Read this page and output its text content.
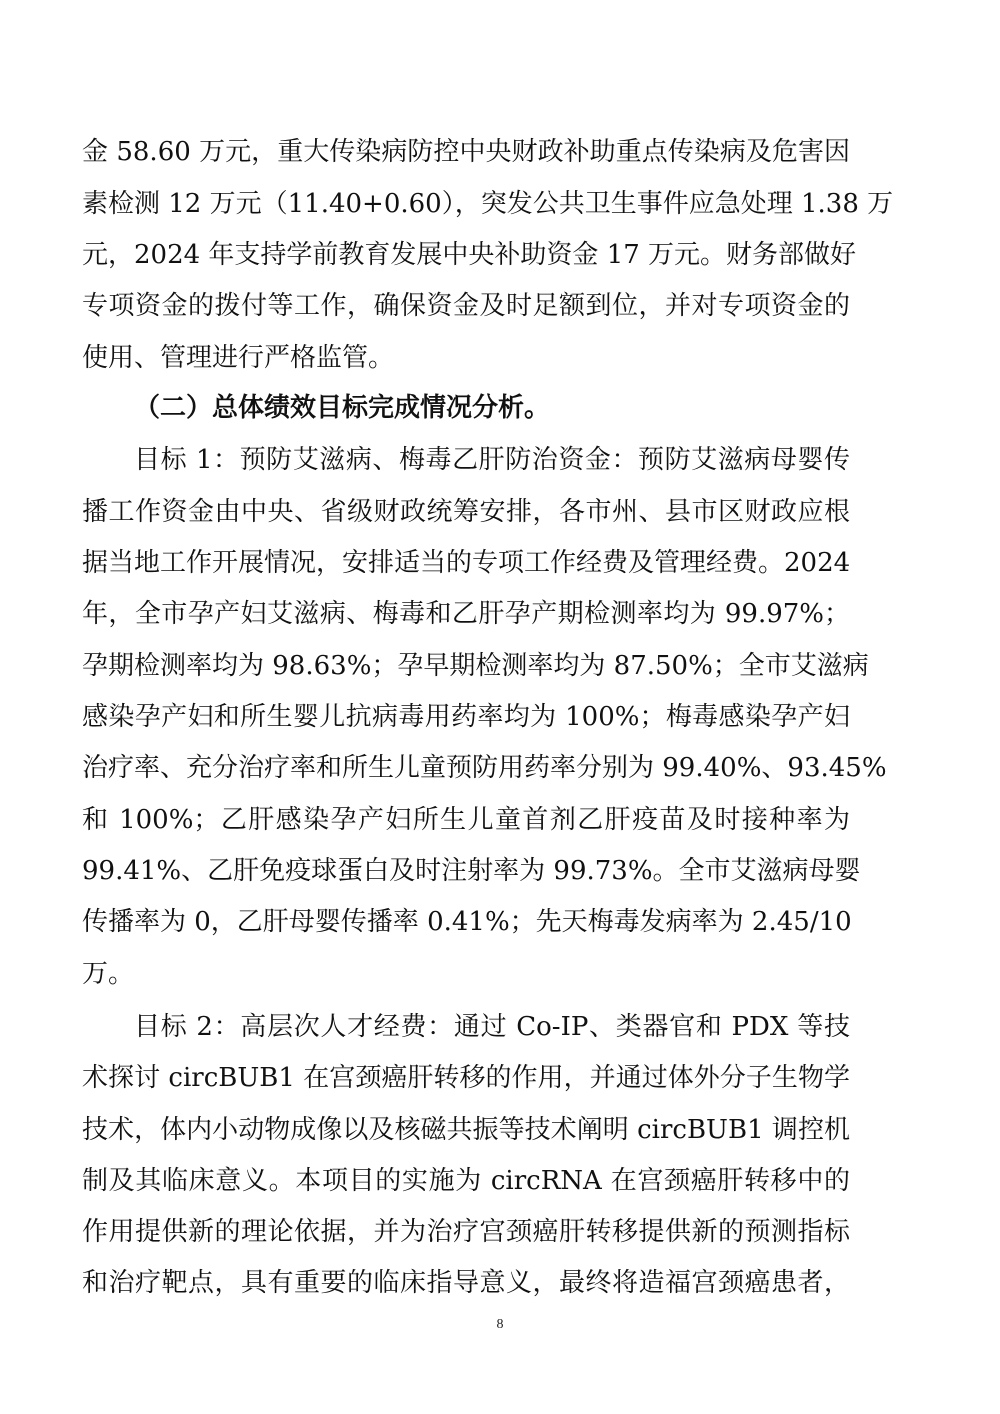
金 58.60 万元，重大传染病防控中央财政补助重点传染病及危害因
素检测 12 万元（11.40+0.60），突发公共卫生事件应急处理 1.38 万
元，2024 年支持学前教育发展中央补助资金 17 万元。财务部做好
专项资金的拨付等工作，确保资金及时足额到位，并对专项资金的
使用、管理进行严格监管。
（二）总体绩效目标完成情况分析。
目标 1：预防艾滋病、梅毒乙肝防治资金：预防艾滋病母婴传
播工作资金由中央、省级财政统筹安排，各市州、县市区财政应根
据当地工作开展情况，安排适当的专项工作经费及管理经费。2024
年，全市孕产妇艾滋病、梅毒和乙肝孕产期检测率均为 99.97%；
孕期检测率均为 98.63%；孕早期检测率均为 87.50%；全市艾滋病
感染孕产妇和所生婴儿抗病毒用药率均为 100%；梅毒感染孕产妇
治疗率、充分治疗率和所生儿童预防用药率分别为 99.40%、93.45%
和 100%；乙肝感染孕产妇所生儿童首剂乙肝疫苗及时接种率为
99.41%、乙肝免疫球蛋白及时注射率为 99.73%。全市艾滋病母婴
传播率为 0，乙肝母婴传播率 0.41%；先天梅毒发病率为 2.45/10
万。
目标 2：高层次人才经费：通过 Co-IP、类器官和 PDX 等技
术探讨 circBUB1 在宫颈癌肝转移的作用，并通过体外分子生物学
技术，体内小动物成像以及核磁共振等技术阐明 circBUB1 调控机
制及其临床意义。本项目的实施为 circRNA 在宫颈癌肝转移中的
作用提供新的理论依据，并为治疗宫颈癌肝转移提供新的预测指标
和治疗靶点，具有重要的临床指导意义，最终将造福宫颈癌患者，
8
